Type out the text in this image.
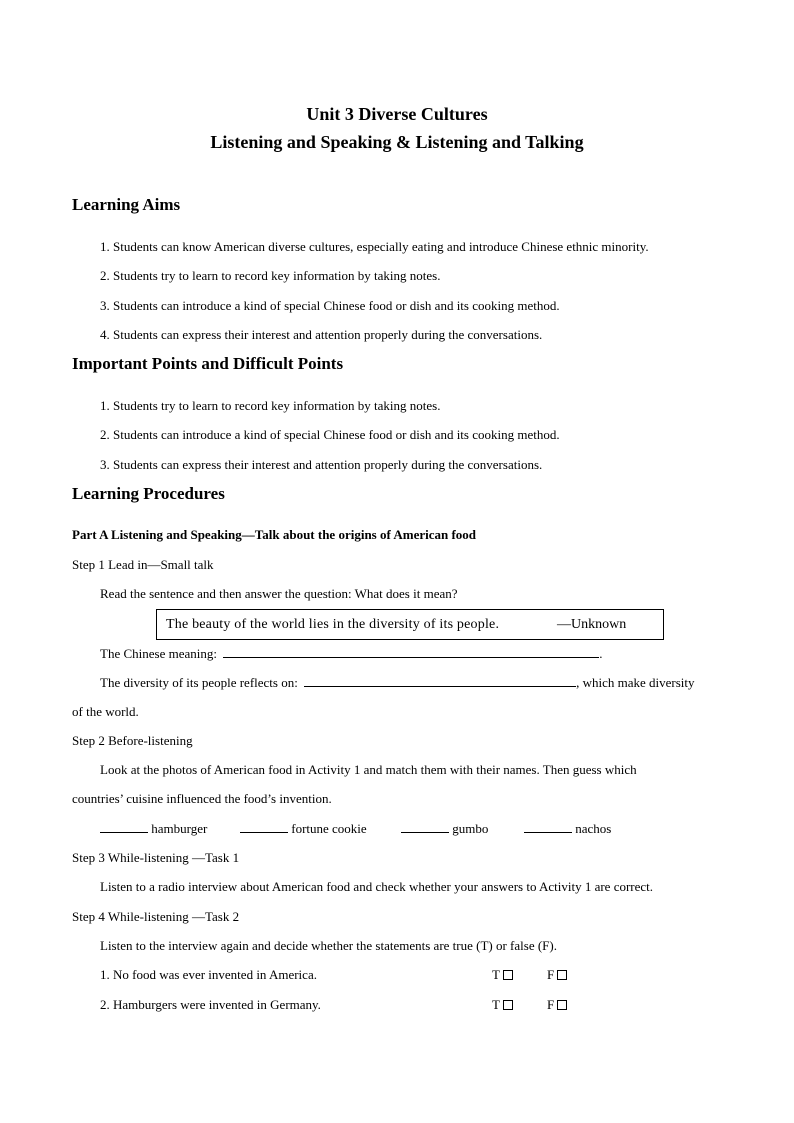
Unit 3 Diverse Cultures
Listening and Speaking & Listening and Talking
Learning Aims
1. Students can know American diverse cultures, especially eating and introduce Chinese ethnic minority.
2. Students try to learn to record key information by taking notes.
3. Students can introduce a kind of special Chinese food or dish and its cooking method.
4. Students can express their interest and attention properly during the conversations.
Important Points and Difficult Points
1. Students try to learn to record key information by taking notes.
2. Students can introduce a kind of special Chinese food or dish and its cooking method.
3. Students can express their interest and attention properly during the conversations.
Learning Procedures
Part A Listening and Speaking—Talk about the origins of American food
Step 1 Lead in—Small talk
Read the sentence and then answer the question: What does it mean?
The beauty of the world lies in the diversity of its people.	—Unknown
The Chinese meaning:	.
The diversity of its people reflects on:	, which make diversity
of the world.
Step 2 Before-listening
Look at the photos of American food in Activity 1 and match them with their names. Then guess which
countries’ cuisine influenced the food’s invention.
hamburger	fortune cookie	gumbo	nachos
Step 3 While-listening —Task 1
Listen to a radio interview about American food and check whether your answers to Activity 1 are correct.
Step 4 While-listening —Task 2
Listen to the interview again and decide whether the statements are true (T) or false (F).
1. No food was ever invented in America.	T	F
2. Hamburgers were invented in Germany.	T	F
